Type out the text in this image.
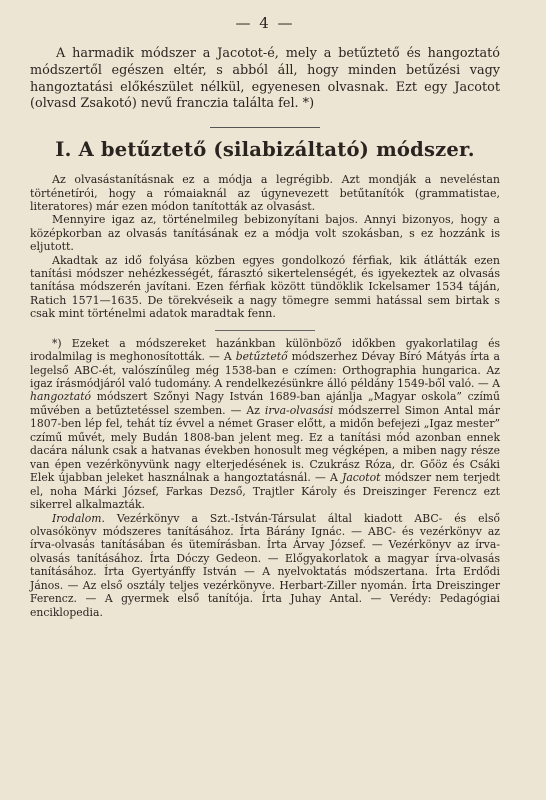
— 4 —

A harmadik módszer a Jacotot-é, mely a betűztető és hangoztató módszertől egészen eltér, s abból áll, hogy minden betűzési vagy hangoztatási előkészület nélkül, egyenesen olvasnak. Ezt egy Jacotot (olvasd Zsakotó) nevű franczia találta fel. *)

I. A betűztető (silabizáltató) módszer.

Az olvasástanításnak ez a módja a legrégibb. Azt mondják a neveléstan történetírói, hogy a rómaiaknál az úgynevezett betűtanítók (grammatistae, literatores) már ezen módon tanították az olvasást.

Mennyire igaz az, történelmileg bebizonyítani bajos. Annyi bizonyos, hogy a középkorban az olvasás tanításának ez a módja volt szokásban, s ez hozzánk is eljutott.

Akadtak az idő folyása közben egyes gondolkozó férfiak, kik átlátták ezen tanítási módszer nehézkességét, fárasztó sikertelenségét, és igyekeztek az olvasás tanítása módszerén javítani. Ezen férfiak között tündöklik Ickelsamer 1534 táján, Ratich 1571—1635. De törekvéseik a nagy tömegre semmi hatással sem birtak s csak mint történelmi adatok maradtak fenn.

*) Ezeket a módszereket hazánkban különböző időkben gyakorlatilag és irodalmilag is meghonosították. — A betűztető módszerhez Dévay Bíró Mátyás írta a legelső ABC-ét, valószínűleg még 1538-ban e czímen: Orthographia hungarica. Az igaz írásmódjáról való tudomány. A rendelkezésünkre álló példány 1549-ből való. — A hangoztató módszert Szőnyi Nagy István 1689-ban ajánlja „Magyar oskola” czímű művében a betűztetéssel szemben. — Az irva-olvasási módszerrel Simon Antal már 1807-ben lép fel, tehát tíz évvel a német Graser előtt, a midőn befejezi „Igaz mester” czímű művét, mely Budán 1808-ban jelent meg. Ez a tanítási mód azonban ennek dacára nálunk csak a hatvanas években honosult meg végképen, a miben nagy része van épen vezérkönyvünk nagy elterjedésének is. Czukrász Róza, dr. Gőöz és Csáki Elek újabban jeleket használnak a hangoztatásnál. — A Jacotot módszer nem terjedt el, noha Márki József, Farkas Dezső, Trajtler Károly és Dreiszinger Ferencz ezt sikerrel alkalmazták.

Irodalom. Vezérkönyv a Szt.-István-Társulat által kiadott ABC- és első olvasókönyv módszeres tanításához. Írta Bárány Ignác. — ABC- és vezérkönyv az írva-olvasás tanításában és ütemírásban. Írta Árvay József. — Vezérkönyv az írva-olvasás tanításához. Írta Dóczy Gedeon. — Előgyakorlatok a magyar írva-olvasás tanításához. Írta Gyertyánffy István — A nyelvoktatás módszertana. Írta Erdődi János. — Az első osztály teljes vezérkönyve. Herbart-Ziller nyomán. Írta Dreiszinger Ferencz. — A gyermek első tanítója. Írta Juhay Antal. — Verédy: Pedagógiai enciklopedia.
